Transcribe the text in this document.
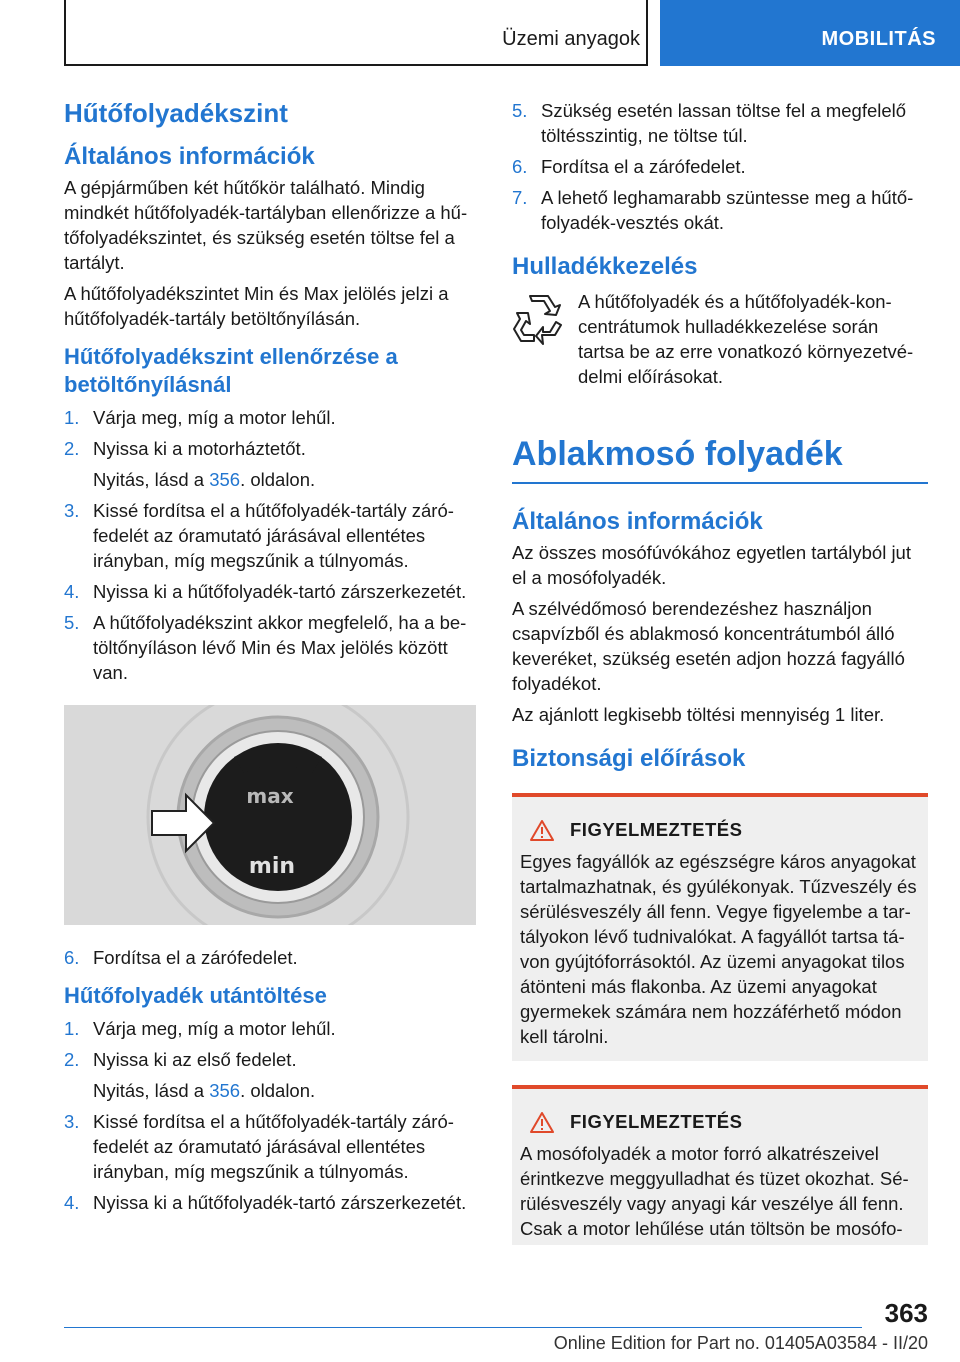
Üzemi anyagok	MOBILITÁS
Hűtőfolyadékszint
Általános információk

A gépjárműben két hűtőkör található. Mindig mindkét hűtőfolyadék-tartályban ellenőrizze a hű-tőfolyadékszintet, és szükség esetén töltse fel a tartályt.

A hűtőfolyadékszintet Min és Max jelölés jelzi a hűtőfolyadék-tartály betöltőnyílásán.

Hűtőfolyadékszint ellenőrzése a betöltőnyílásnál
1. Várja meg, míg a motor lehűl.
2. Nyissa ki a motorháztetőt.
Nyitás, lásd a 356. oldalon.
3. Kissé fordítsa el a hűtőfolyadék-tartály záró-fedelét az óramutató járásával ellentétes irányban, míg megszűnik a túlnyomás.
4. Nyissa ki a hűtőfolyadék-tartó zárszerkezetét.
5. A hűtőfolyadékszint akkor megfelelő, ha a be-töltőnyíláson lévő Min és Max jelölés között van.
max
min
6. Fordítsa el a zárófedelet.
Hűtőfolyadék utántöltése
1. Várja meg, míg a motor lehűl.
2. Nyissa ki az első fedelet.
Nyitás, lásd a 356. oldalon.
3. Kissé fordítsa el a hűtőfolyadék-tartály záró-fedelét az óramutató járásával ellentétes irányban, míg megszűnik a túlnyomás.
4. Nyissa ki a hűtőfolyadék-tartó zárszerkezetét.
5. Szükség esetén lassan töltse fel a megfelelő töltésszintig, ne töltse túl.
6. Fordítsa el a zárófedelet.
7. A lehető leghamarabb szüntesse meg a hűtő-folyadék-vesztés okát.
Hulladékkezelés

A hűtőfolyadék és a hűtőfolyadék-kon-centrátumok hulladékkezelése során tartsa be az erre vonatkozó környezetvé-delmi előírásokat.

Ablakmosó folyadék
Általános információk

Az összes mosófúvókához egyetlen tartályból jut el a mosófolyadék.

A szélvédőmosó berendezéshez használjon csapvízből és ablakmosó koncentrátumból álló keveréket, szükség esetén adjon hozzá fagyálló folyadékot.

Az ajánlott legkisebb töltési mennyiség 1 liter.

Biztonsági előírások
FIGYELMEZTETÉS

Egyes fagyállók az egészségre káros anyagokat tartalmazhatnak, és gyúlékonyak. Tűzveszély és sérülésveszély áll fenn. Vegye figyelembe a tar-tályokon lévő tudnivalókat. A fagyállót tartsa tá-von gyújtóforrásoktól. Az üzemi anyagokat tilos átönteni más flakonba. Az üzemi anyagokat gyermekek számára nem hozzáférhető módon kell tárolni.

FIGYELMEZTETÉS

A mosófolyadék a motor forró alkatrészeivel érintkezve meggyulladhat és tüzet okozhat. Sé-rülésveszély vagy anyagi kár veszélye áll fenn. Csak a motor lehűlése után töltsön be mosófo-

363
Online Edition for Part no. 01405A03584 - II/20
